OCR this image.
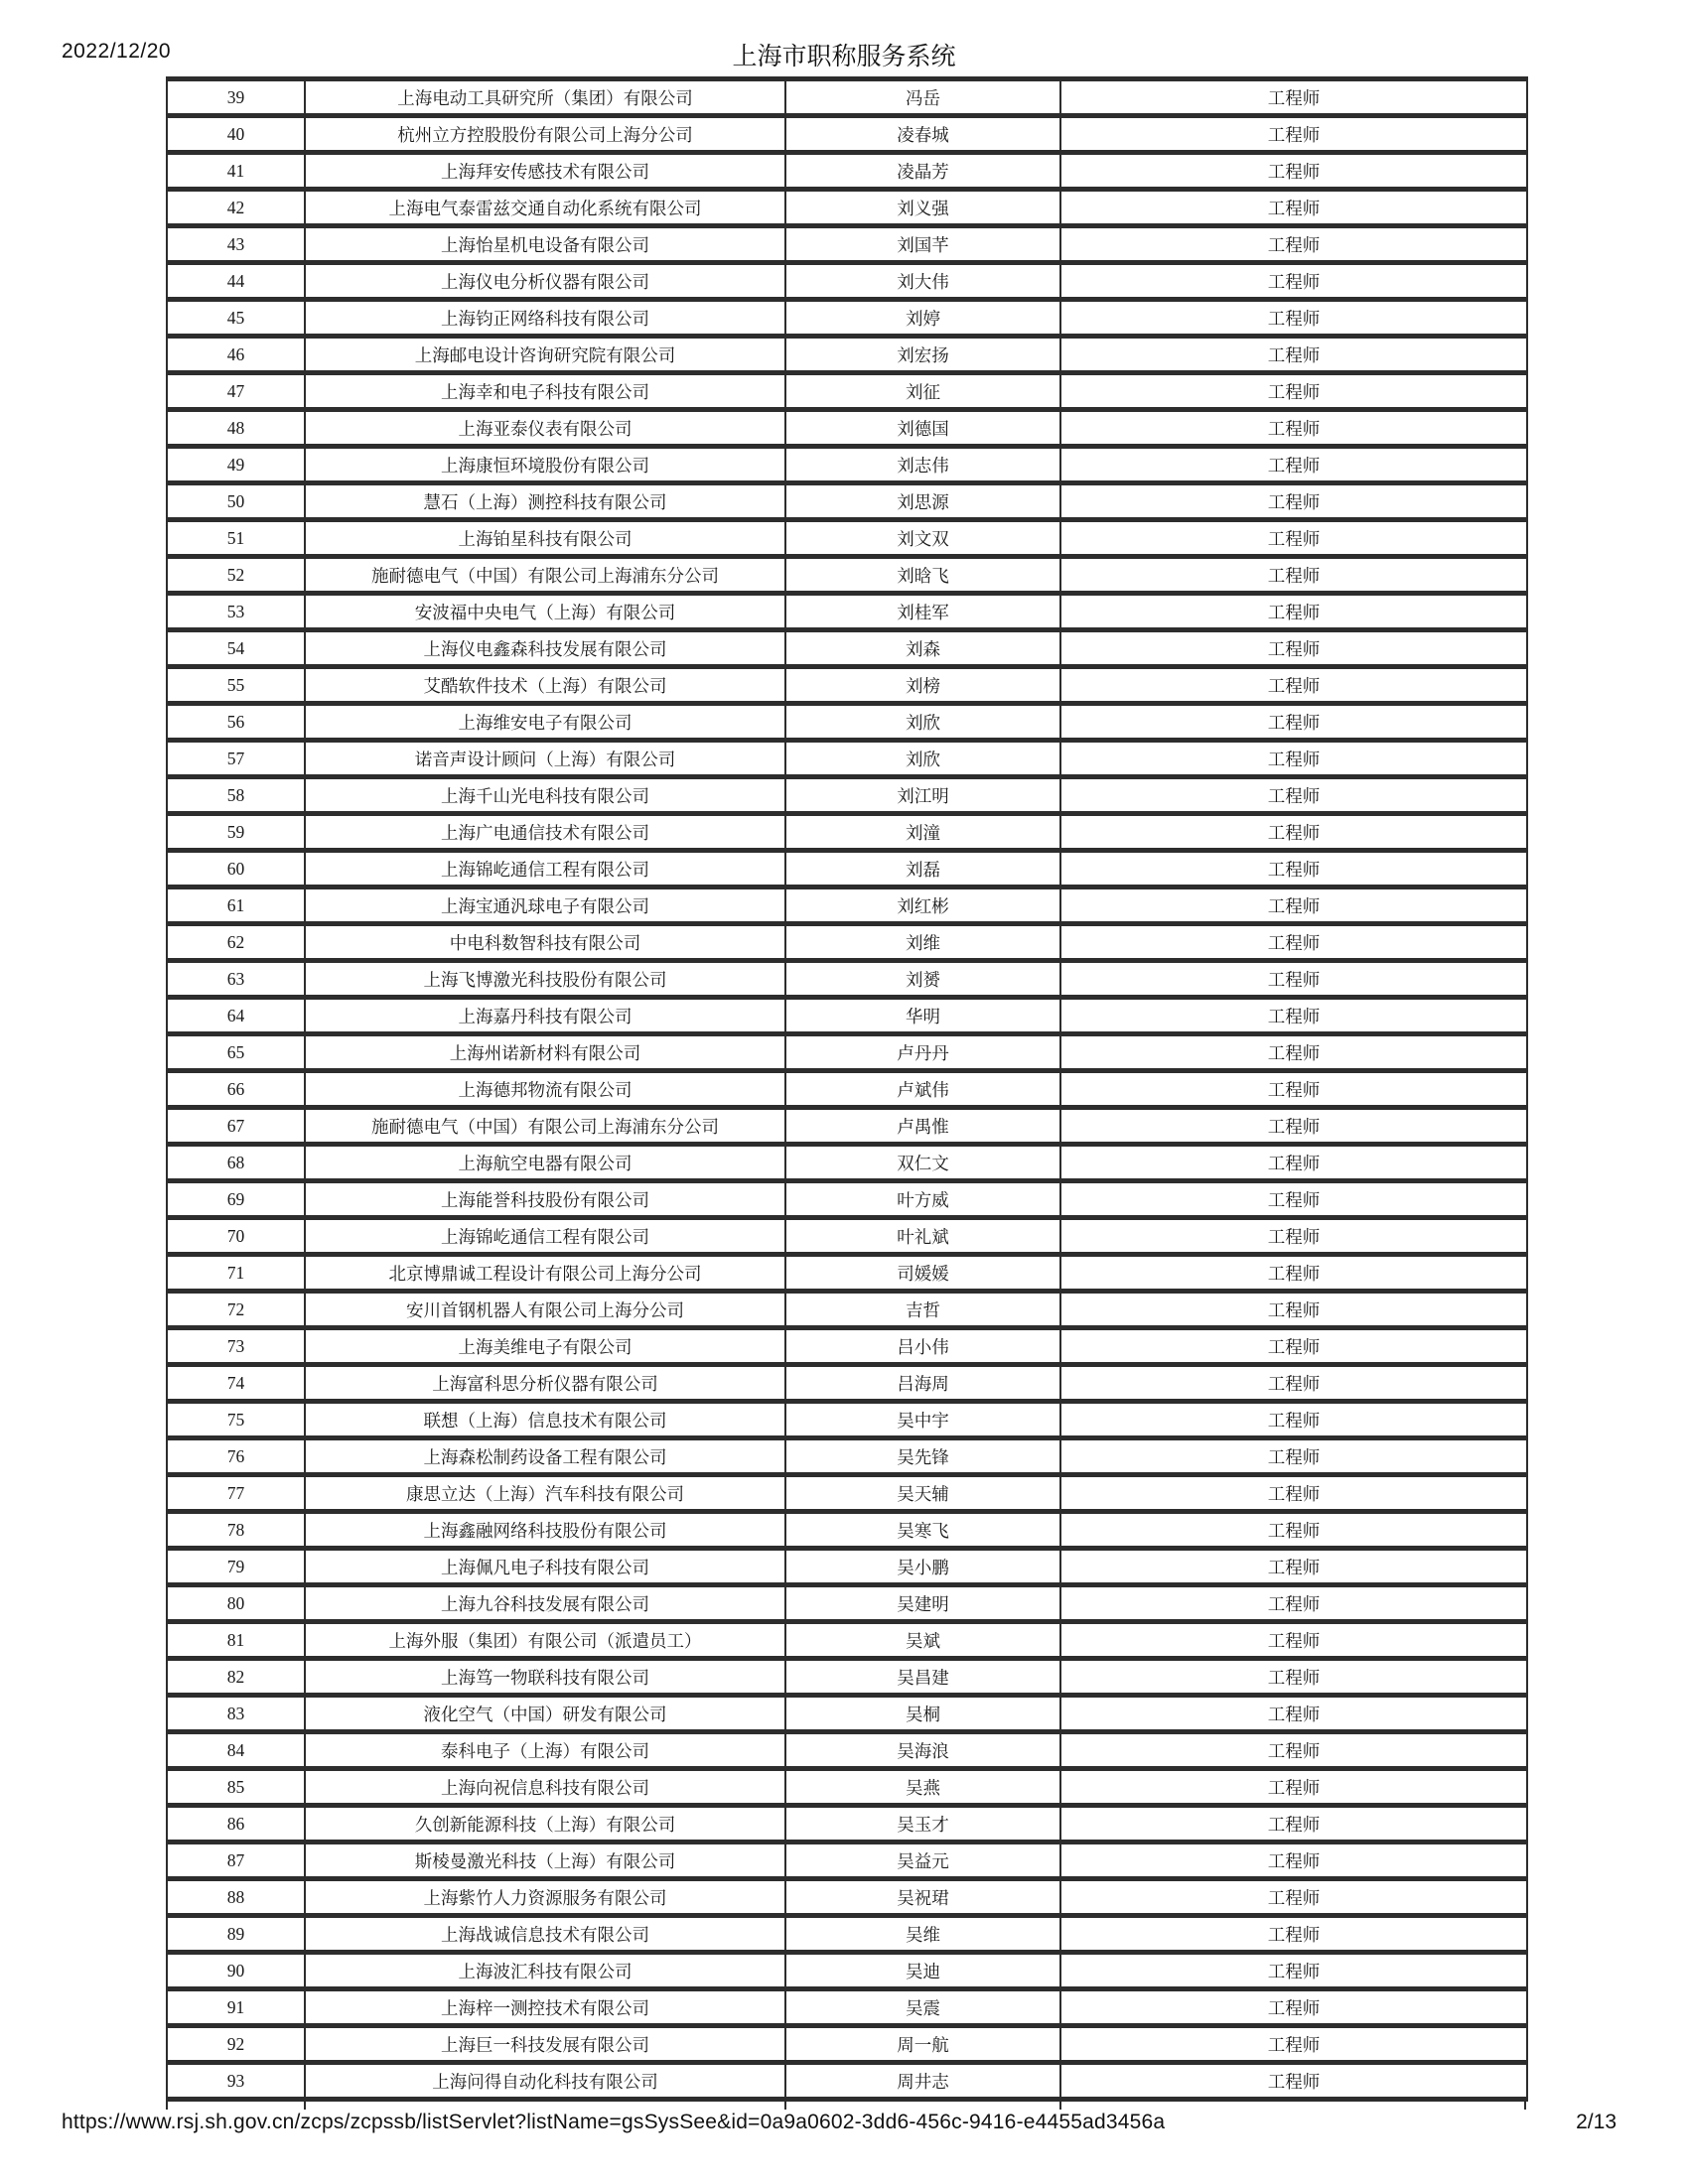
2022/12/20	上海市职称服务系统
39	上海电动工具研究所（集团）有限公司	冯岳	工程师
40	杭州立方控股股份有限公司上海分公司	凌春城	工程师
41	上海拜安传感技术有限公司	凌晶芳	工程师
42	上海电气泰雷兹交通自动化系统有限公司	刘义强	工程师
43	上海怡星机电设备有限公司	刘国芊	工程师
44	上海仪电分析仪器有限公司	刘大伟	工程师
45	上海钧正网络科技有限公司	刘婷	工程师
46	上海邮电设计咨询研究院有限公司	刘宏扬	工程师
47	上海幸和电子科技有限公司	刘征	工程师
48	上海亚泰仪表有限公司	刘德国	工程师
49	上海康恒环境股份有限公司	刘志伟	工程师
50	慧石（上海）测控科技有限公司	刘思源	工程师
51	上海铂星科技有限公司	刘文双	工程师
52	施耐德电气（中国）有限公司上海浦东分公司	刘晗飞	工程师
53	安波福中央电气（上海）有限公司	刘桂军	工程师
54	上海仪电鑫森科技发展有限公司	刘森	工程师
55	艾酷软件技术（上海）有限公司	刘榜	工程师
56	上海维安电子有限公司	刘欣	工程师
57	诺音声设计顾问（上海）有限公司	刘欣	工程师
58	上海千山光电科技有限公司	刘江明	工程师
59	上海广电通信技术有限公司	刘潼	工程师
60	上海锦屹通信工程有限公司	刘磊	工程师
61	上海宝通汎球电子有限公司	刘红彬	工程师
62	中电科数智科技有限公司	刘维	工程师
63	上海飞博激光科技股份有限公司	刘赟	工程师
64	上海嘉丹科技有限公司	华明	工程师
65	上海州诺新材料有限公司	卢丹丹	工程师
66	上海德邦物流有限公司	卢斌伟	工程师
67	施耐德电气（中国）有限公司上海浦东分公司	卢禺惟	工程师
68	上海航空电器有限公司	双仁文	工程师
69	上海能誉科技股份有限公司	叶方威	工程师
70	上海锦屹通信工程有限公司	叶礼斌	工程师
71	北京博鼎诚工程设计有限公司上海分公司	司媛媛	工程师
72	安川首钢机器人有限公司上海分公司	吉哲	工程师
73	上海美维电子有限公司	吕小伟	工程师
74	上海富科思分析仪器有限公司	吕海周	工程师
75	联想（上海）信息技术有限公司	吴中宇	工程师
76	上海森松制药设备工程有限公司	吴先锋	工程师
77	康思立达（上海）汽车科技有限公司	吴天辅	工程师
78	上海鑫融网络科技股份有限公司	吴寒飞	工程师
79	上海佩凡电子科技有限公司	吴小鹏	工程师
80	上海九谷科技发展有限公司	吴建明	工程师
81	上海外服（集团）有限公司（派遣员工）	吴斌	工程师
82	上海笃一物联科技有限公司	吴昌建	工程师
83	液化空气（中国）研发有限公司	吴桐	工程师
84	泰科电子（上海）有限公司	吴海浪	工程师
85	上海向祝信息科技有限公司	吴燕	工程师
86	久创新能源科技（上海）有限公司	吴玉才	工程师
87	斯棱曼激光科技（上海）有限公司	吴益元	工程师
88	上海紫竹人力资源服务有限公司	吴祝珺	工程师
89	上海战诚信息技术有限公司	吴维	工程师
90	上海波汇科技有限公司	吴迪	工程师
91	上海梓一测控技术有限公司	吴震	工程师
92	上海巨一科技发展有限公司	周一航	工程师
93	上海问得自动化科技有限公司	周井志	工程师
https://www.rsj.sh.gov.cn/zcps/zcpssb/listServlet?listName=gsSysSee&id=0a9a0602-3dd6-456c-9416-e4455ad3456a	2/13
